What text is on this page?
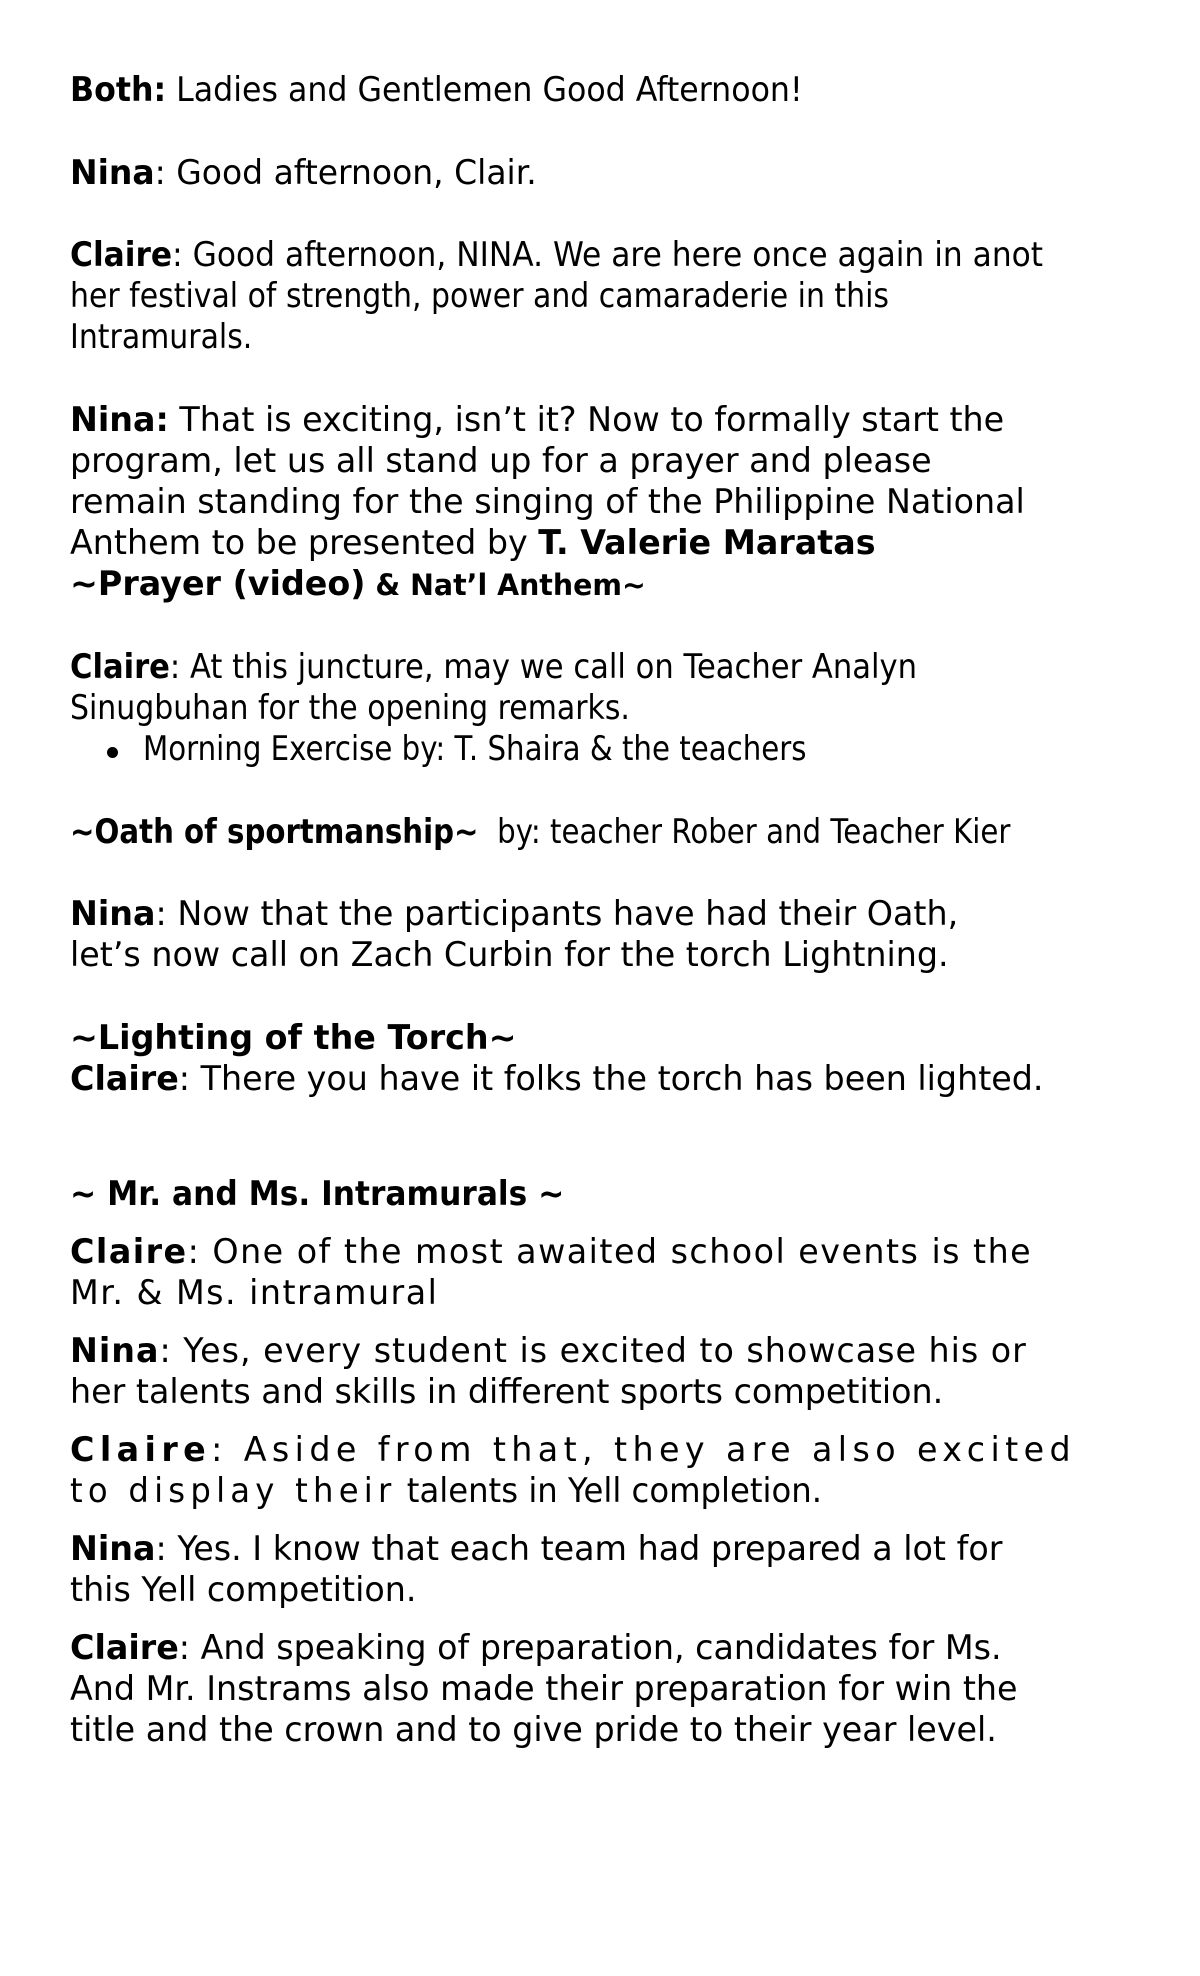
Both: Ladies and Gentlemen Good Afternoon!
Nina: Good afternoon, Clair.
Claire: Good afternoon, NINA. We are here once again in anot
her festival of strength, power and camaraderie in this
Intramurals.
Nina: That is exciting, isn’t it? Now to formally start the
program, let us all stand up for a prayer and please
remain standing for the singing of the Philippine National
Anthem to be presented by T. Valerie Maratas
~Prayer (video) & Nat’l Anthem~
Claire: At this juncture, may we call on Teacher Analyn
Sinugbuhan for the opening remarks.
Morning Exercise by: T. Shaira & the teachers
~Oath of sportmanship~ by: teacher Rober and Teacher Kier
Nina: Now that the participants have had their Oath,
let’s now call on Zach Curbin for the torch Lightning.
~Lighting of the Torch~
Claire: There you have it folks the torch has been lighted.
~ Mr. and Ms. Intramurals ~
Claire: One of the most awaited school events is the
Mr. & Ms. intramural
Nina: Yes, every student is excited to showcase his or
her talents and skills in different sports competition.
Claire: Aside from that, they are also excited
to display their talents in Yell completion.
Nina: Yes. I know that each team had prepared a lot for
this Yell competition.
Claire: And speaking of preparation, candidates for Ms.
And Mr. Instrams also made their preparation for win the
title and the crown and to give pride to their year level.
